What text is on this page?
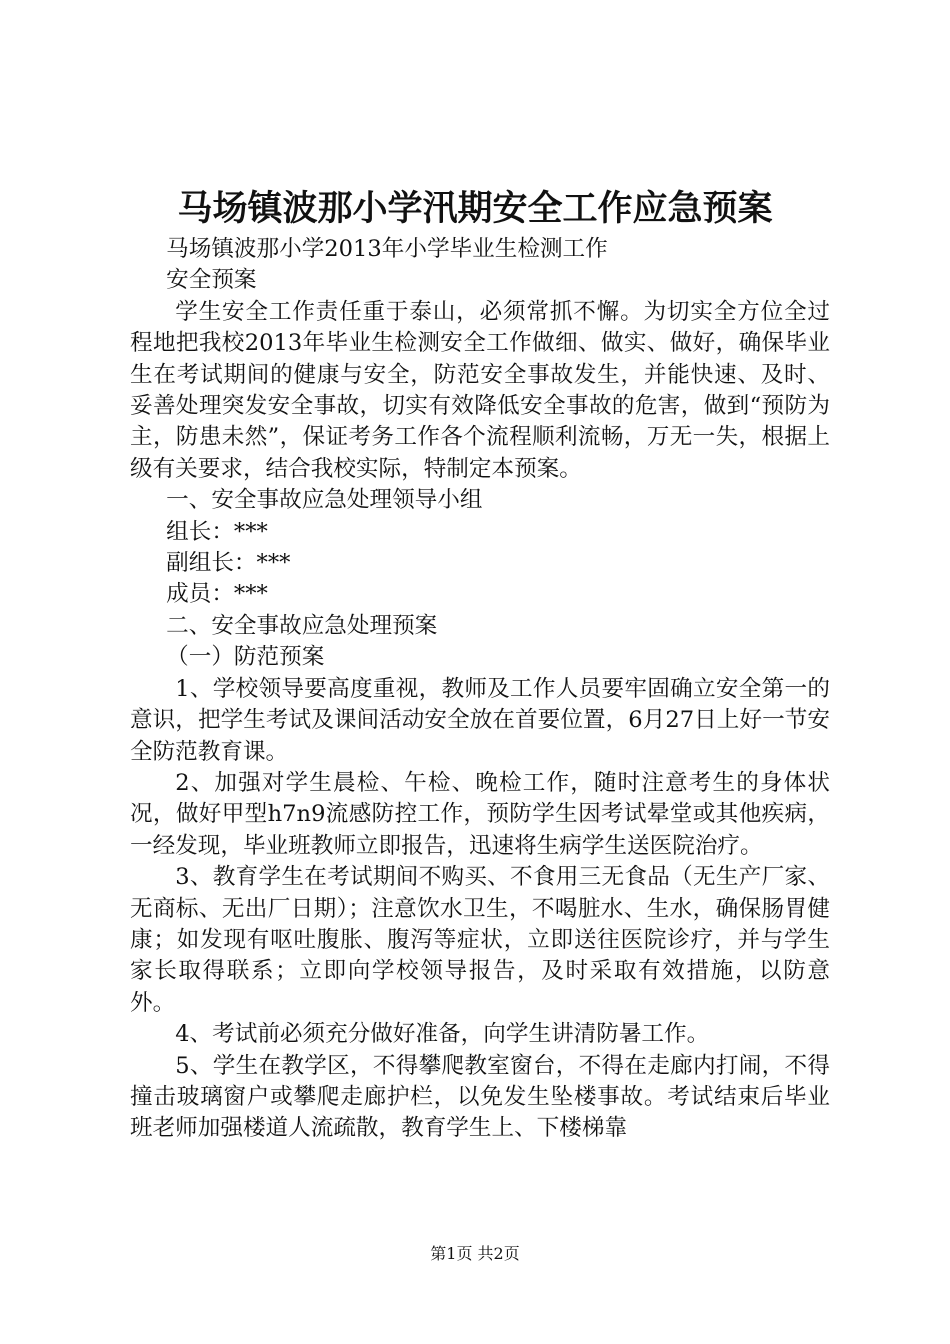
马场镇波那小学汛期安全工作应急预案

马场镇波那小学2013年小学毕业生检测工作

安全预案

学生安全工作责任重于泰山，必须常抓不懈。为切实全方位全过程地把我校2013年毕业生检测安全工作做细、做实、做好，确保毕业生在考试期间的健康与安全，防范安全事故发生，并能快速、及时、妥善处理突发安全事故，切实有效降低安全事故的危害，做到“预防为主，防患未然”，保证考务工作各个流程顺利流畅，万无一失，根据上级有关要求，结合我校实际，特制定本预案。

一、安全事故应急处理领导小组

组长：***

副组长：***

成员：***

二、安全事故应急处理预案

（一）防范预案

1、学校领导要高度重视，教师及工作人员要牢固确立安全第一的意识，把学生考试及课间活动安全放在首要位置，6月27日上好一节安全防范教育课。

2、加强对学生晨检、午检、晚检工作，随时注意考生的身体状况，做好甲型h7n9流感防控工作，预防学生因考试晕堂或其他疾病，一经发现，毕业班教师立即报告，迅速将生病学生送医院治疗。

3、教育学生在考试期间不购买、不食用三无食品（无生产厂家、无商标、无出厂日期）；注意饮水卫生，不喝脏水、生水，确保肠胃健康；如发现有呕吐腹胀、腹泻等症状，立即送往医院诊疗，并与学生家长取得联系；立即向学校领导报告，及时采取有效措施，以防意外。

4、考试前必须充分做好准备，向学生讲清防暑工作。

5、学生在教学区，不得攀爬教室窗台，不得在走廊内打闹，不得撞击玻璃窗户或攀爬走廊护栏，以免发生坠楼事故。考试结束后毕业班老师加强楼道人流疏散，教育学生上、下楼梯靠

第1页 共2页
